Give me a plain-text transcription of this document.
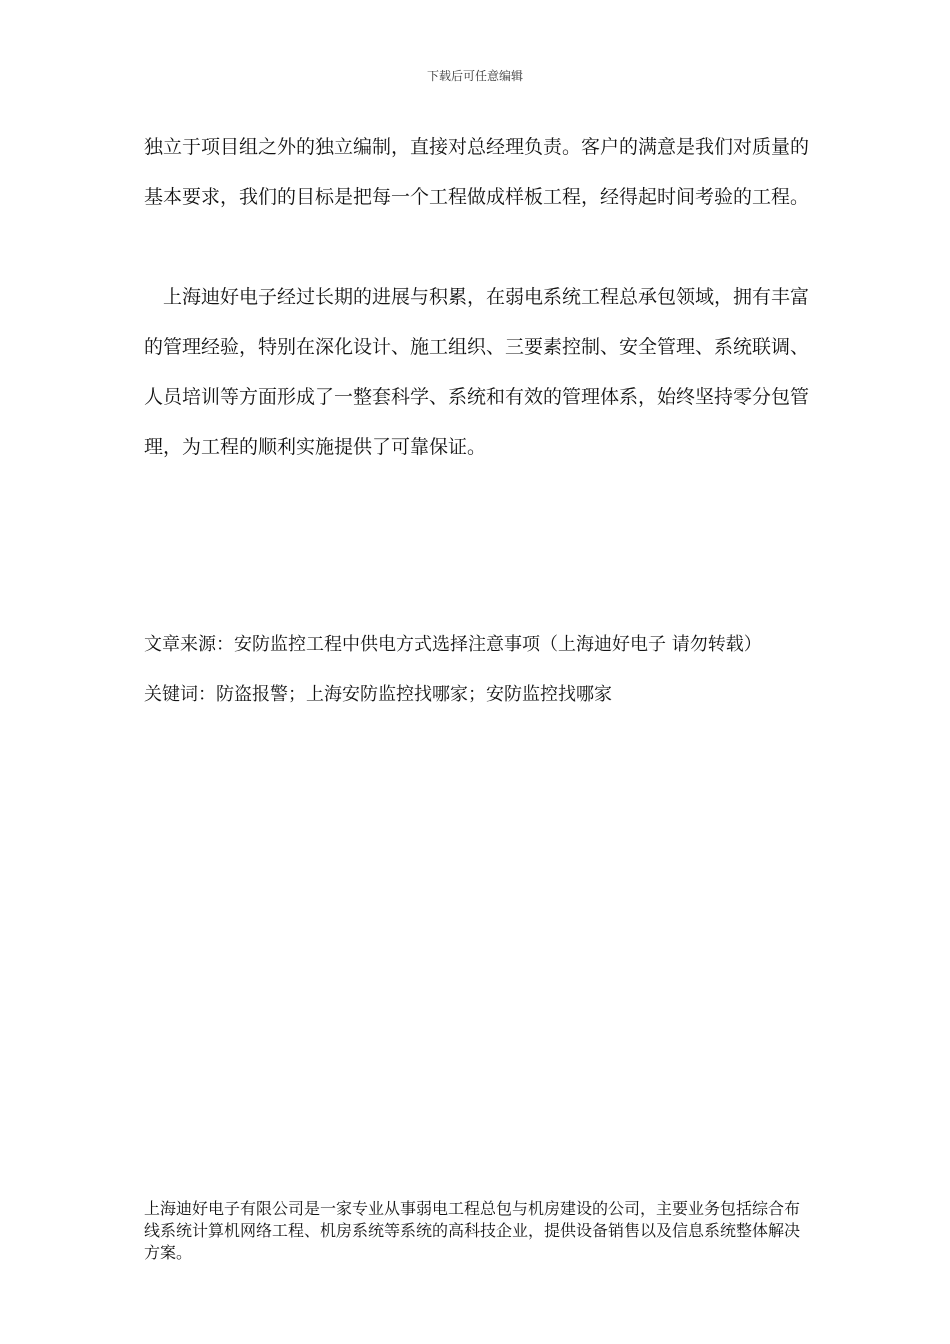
下载后可任意编辑
独立于项目组之外的独立编制，直接对总经理负责。客户的满意是我们对质量的基本要求，我们的目标是把每一个工程做成样板工程，经得起时间考验的工程。
上海迪好电子经过长期的进展与积累，在弱电系统工程总承包领域，拥有丰富的管理经验，特别在深化设计、施工组织、三要素控制、安全管理、系统联调、人员培训等方面形成了一整套科学、系统和有效的管理体系，始终坚持零分包管理，为工程的顺利实施提供了可靠保证。
文章来源：安防监控工程中供电方式选择注意事项（上海迪好电子 请勿转载）
关键词：防盗报警；上海安防监控找哪家；安防监控找哪家
上海迪好电子有限公司是一家专业从事弱电工程总包与机房建设的公司，主要业务包括综合布线系统计算机网络工程、机房系统等系统的高科技企业，提供设备销售以及信息系统整体解决方案。
